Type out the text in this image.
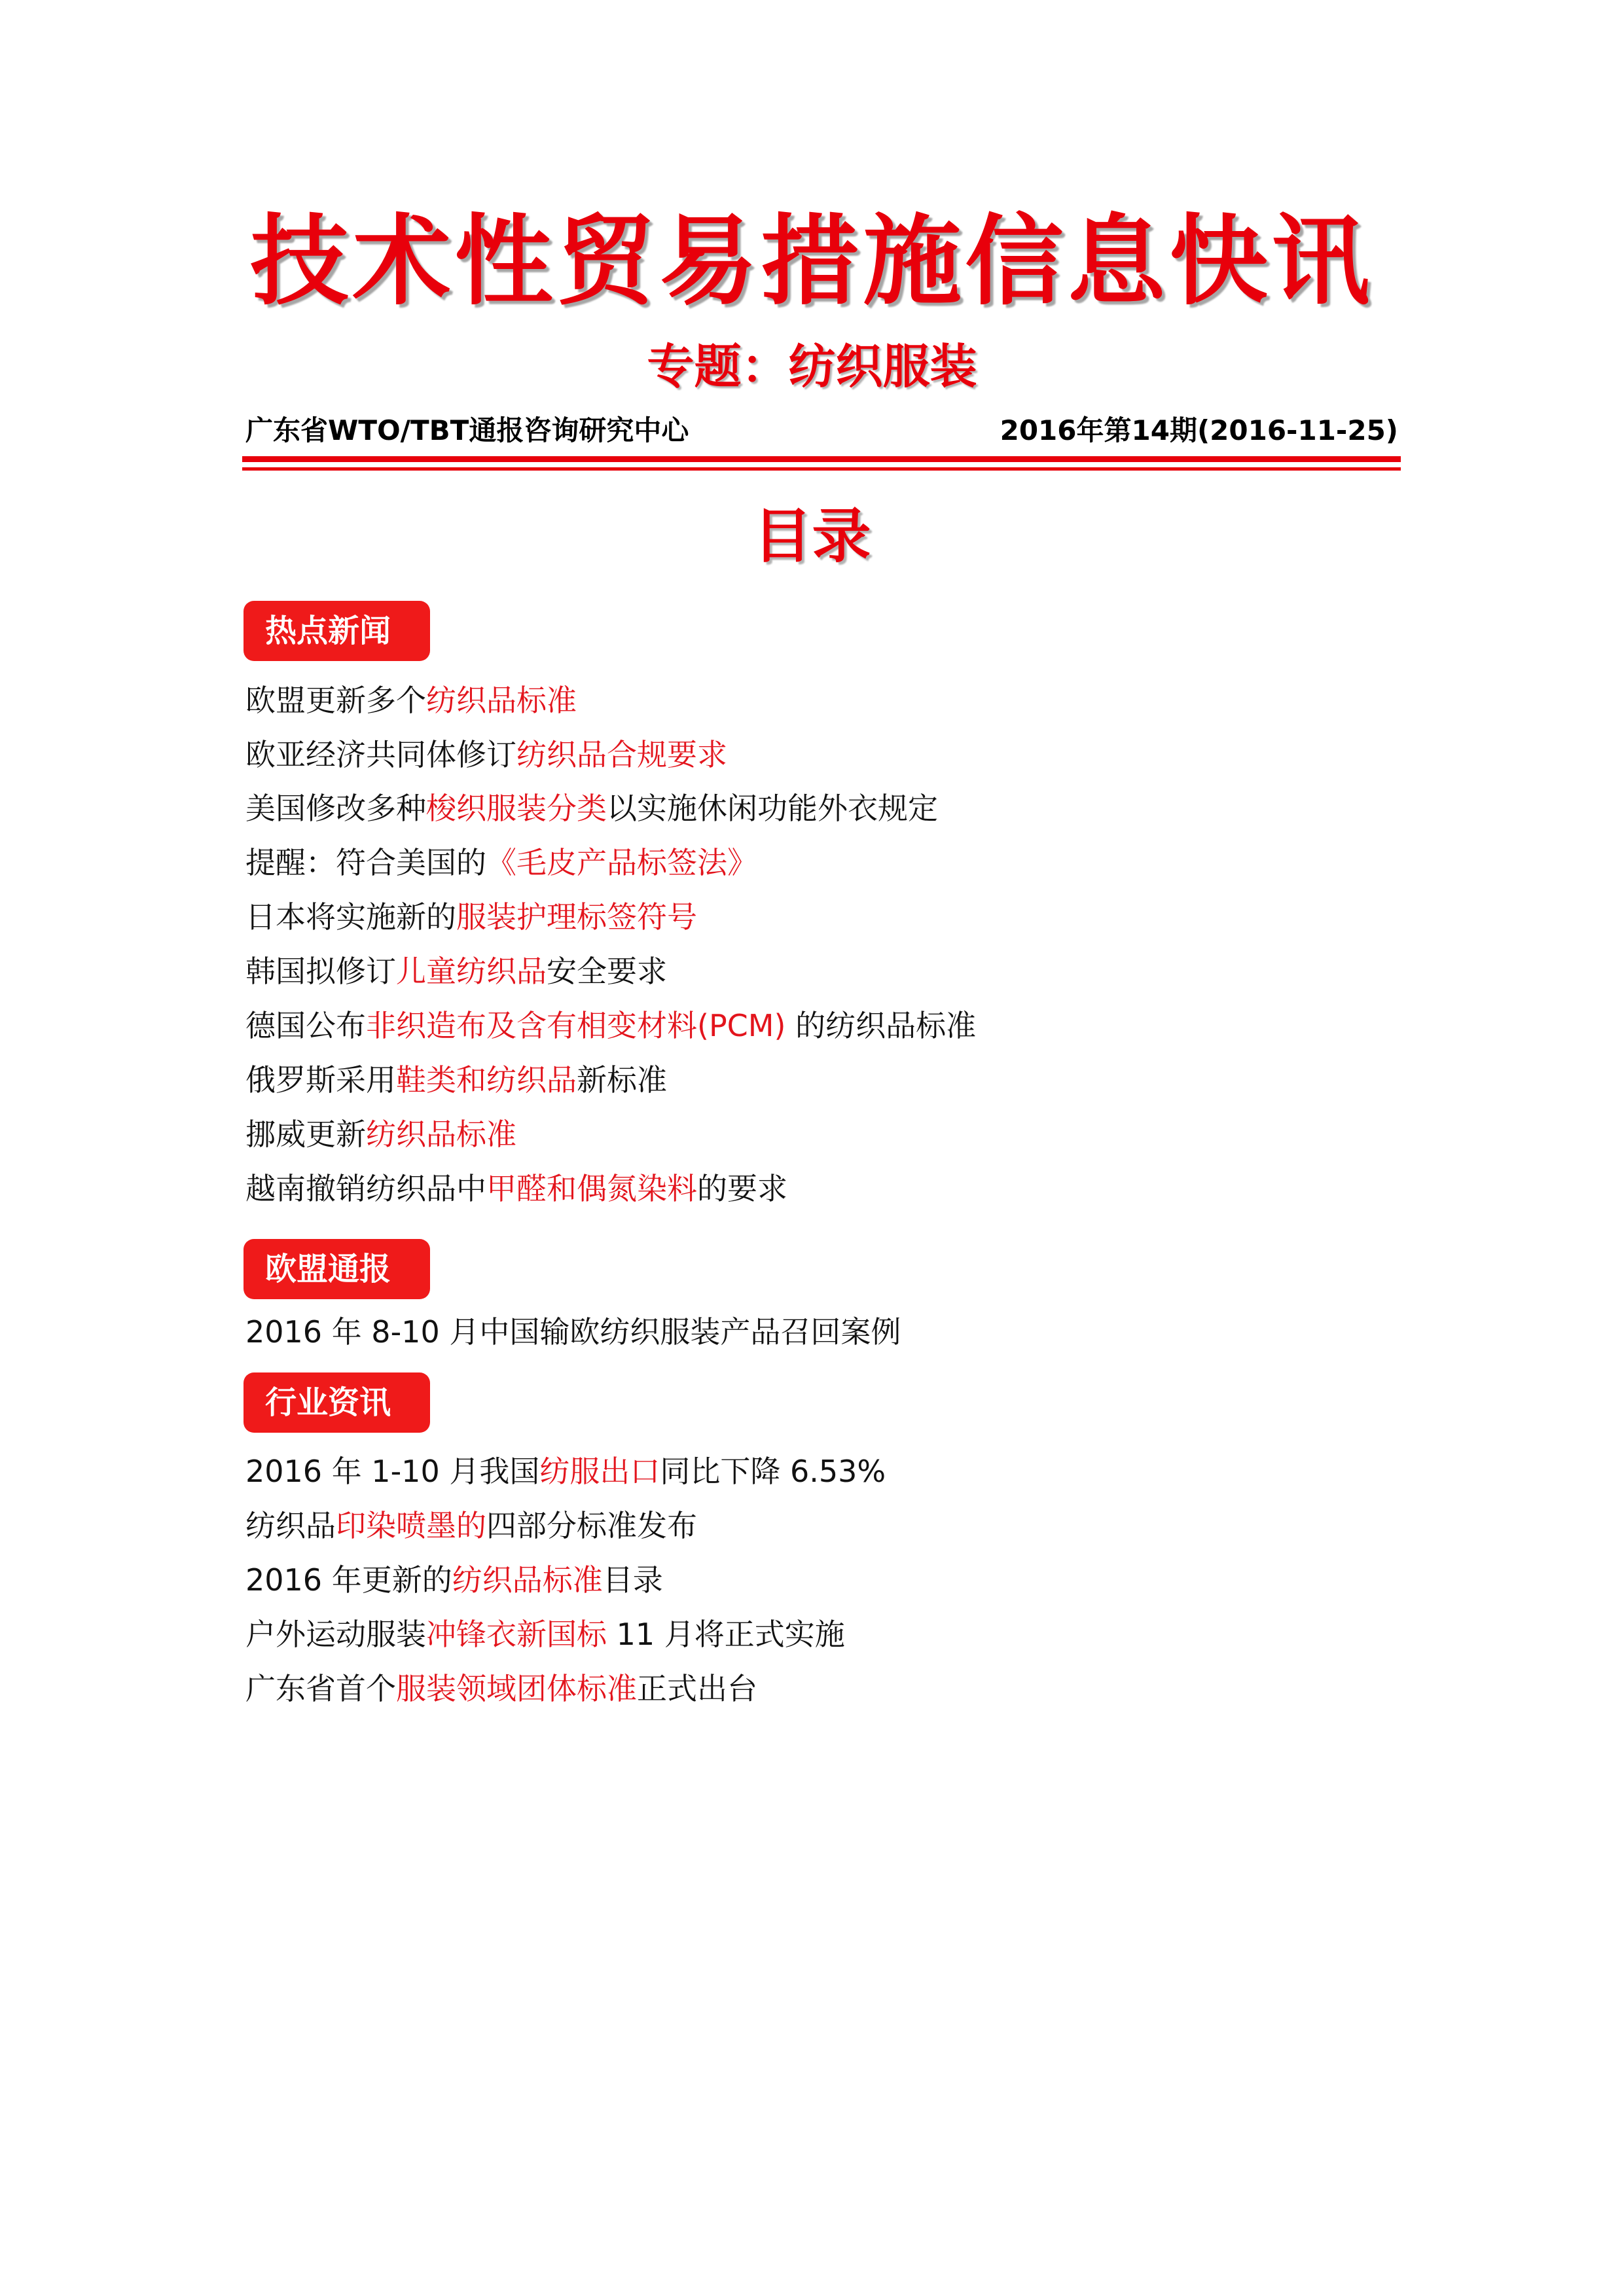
技术性贸易措施信息快讯
专题：纺织服装
广东省WTO/TBT通报咨询研究中心	2016年第14期(2016-11-25)
目录
热点新闻
欧盟更新多个纺织品标准
欧亚经济共同体修订纺织品合规要求
美国修改多种梭织服装分类以实施休闲功能外衣规定
提醒：符合美国的《毛皮产品标签法》
日本将实施新的服装护理标签符号
韩国拟修订儿童纺织品安全要求
德国公布非织造布及含有相变材料(PCM) 的纺织品标准
俄罗斯采用鞋类和纺织品新标准
挪威更新纺织品标准
越南撤销纺织品中甲醛和偶氮染料的要求
欧盟通报
2016 年 8-10 月中国输欧纺织服装产品召回案例
行业资讯
2016 年 1-10 月我国纺服出口同比下降 6.53%
纺织品印染喷墨的四部分标准发布
2016 年更新的纺织品标准目录
户外运动服装冲锋衣新国标 11 月将正式实施
广东省首个服装领域团体标准正式出台
